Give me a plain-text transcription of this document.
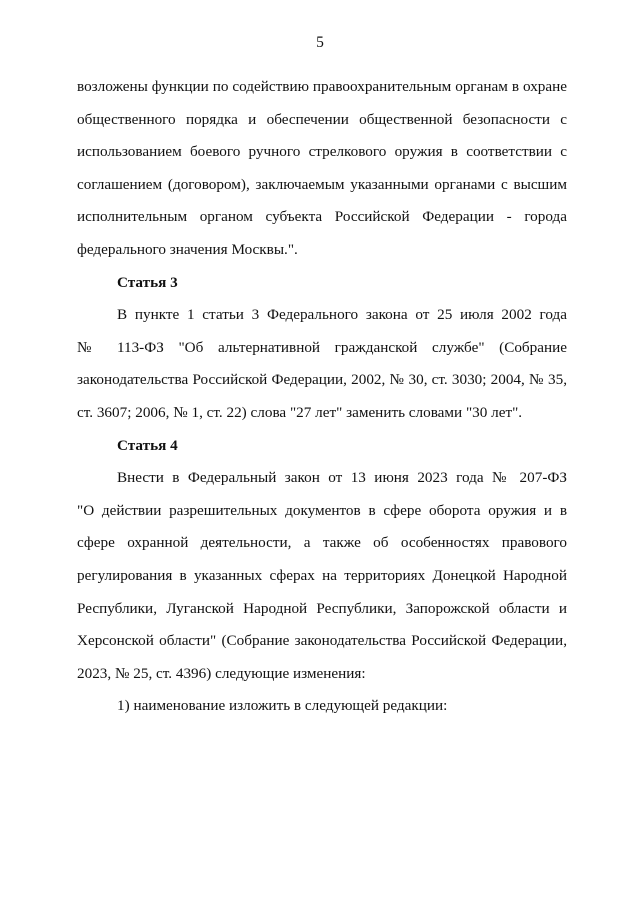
5
возложены функции по содействию правоохранительным органам в охране
общественного порядка и обеспечении общественной безопасности с
использованием боевого ручного стрелкового оружия в соответствии с
соглашением (договором), заключаемым указанными органами с высшим
исполнительным органом субъекта Российской Федерации - города
федерального значения Москвы.".
Статья 3
В пункте 1 статьи 3 Федерального закона от 25 июля 2002 года
№ 113-ФЗ "Об альтернативной гражданской службе" (Собрание
законодательства Российской Федерации, 2002, № 30, ст. 3030; 2004, № 35,
ст. 3607; 2006, № 1, ст. 22) слова "27 лет" заменить словами "30 лет".
Статья 4
Внести в Федеральный закон от 13 июня 2023 года № 207-ФЗ
"О действии разрешительных документов в сфере оборота оружия и в
сфере охранной деятельности, а также об особенностях правового
регулирования в указанных сферах на территориях Донецкой Народной
Республики, Луганской Народной Республики, Запорожской области и
Херсонской области" (Собрание законодательства Российской Федерации,
2023, № 25, ст. 4396) следующие изменения:
1) наименование изложить в следующей редакции:
